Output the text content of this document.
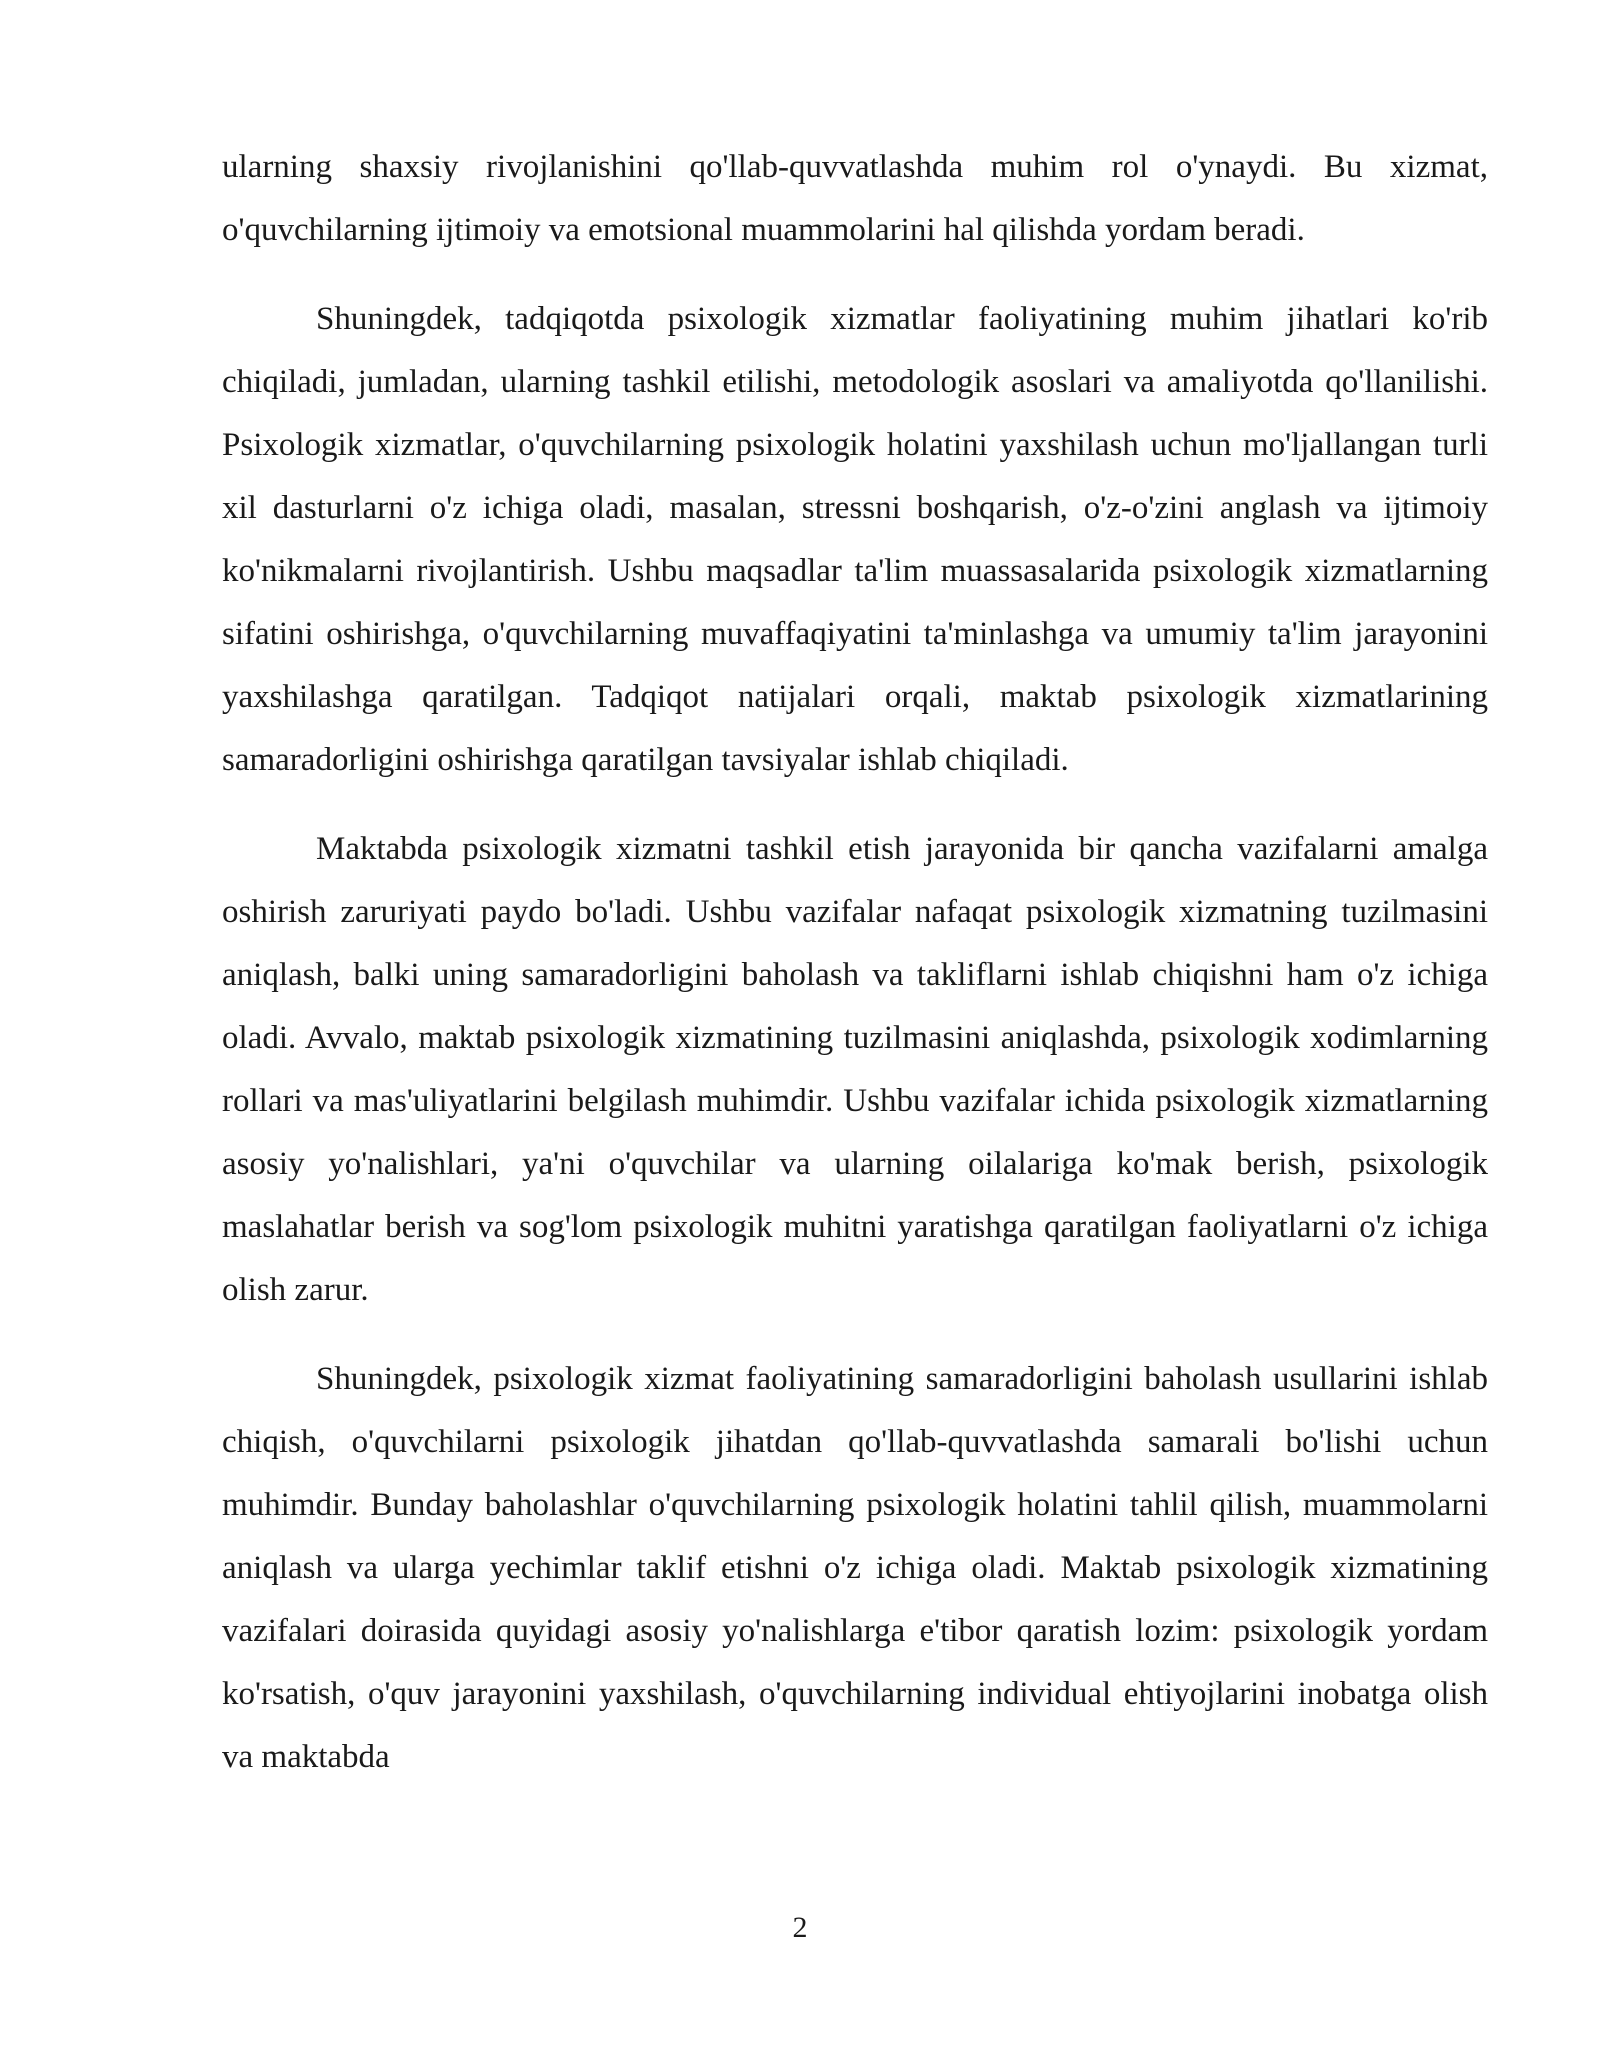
ularning shaxsiy rivojlanishini qo'llab-quvvatlashda muhim rol o'ynaydi. Bu xizmat, o'quvchilarning ijtimoiy va emotsional muammolarini hal qilishda yordam beradi.

Shuningdek, tadqiqotda psixologik xizmatlar faoliyatining muhim jihatlari ko'rib chiqiladi, jumladan, ularning tashkil etilishi, metodologik asoslari va amaliyotda qo'llanilishi. Psixologik xizmatlar, o'quvchilarning psixologik holatini yaxshilash uchun mo'ljallangan turli xil dasturlarni o'z ichiga oladi, masalan, stressni boshqarish, o'z-o'zini anglash va ijtimoiy ko'nikmalarni rivojlantirish. Ushbu maqsadlar ta'lim muassasalarida psixologik xizmatlarning sifatini oshirishga, o'quvchilarning muvaffaqiyatini ta'minlashga va umumiy ta'lim jarayonini yaxshilashga qaratilgan. Tadqiqot natijalari orqali, maktab psixologik xizmatlarining samaradorligini oshirishga qaratilgan tavsiyalar ishlab chiqiladi.

Maktabda psixologik xizmatni tashkil etish jarayonida bir qancha vazifalarni amalga oshirish zaruriyati paydo bo'ladi. Ushbu vazifalar nafaqat psixologik xizmatning tuzilmasini aniqlash, balki uning samaradorligini baholash va takliflarni ishlab chiqishni ham o'z ichiga oladi. Avvalo, maktab psixologik xizmatining tuzilmasini aniqlashda, psixologik xodimlarning rollari va mas'uliyatlarini belgilash muhimdir. Ushbu vazifalar ichida psixologik xizmatlarning asosiy yo'nalishlari, ya'ni o'quvchilar va ularning oilalariga ko'mak berish, psixologik maslahatlar berish va sog'lom psixologik muhitni yaratishga qaratilgan faoliyatlarni o'z ichiga olish zarur.

Shuningdek, psixologik xizmat faoliyatining samaradorligini baholash usullarini ishlab chiqish, o'quvchilarni psixologik jihatdan qo'llab-quvvatlashda samarali bo'lishi uchun muhimdir. Bunday baholashlar o'quvchilarning psixologik holatini tahlil qilish, muammolarni aniqlash va ularga yechimlar taklif etishni o'z ichiga oladi. Maktab psixologik xizmatining vazifalari doirasida quyidagi asosiy yo'nalishlarga e'tibor qaratish lozim: psixologik yordam ko'rsatish, o'quv jarayonini yaxshilash, o'quvchilarning individual ehtiyojlarini inobatga olish va maktabda

2
